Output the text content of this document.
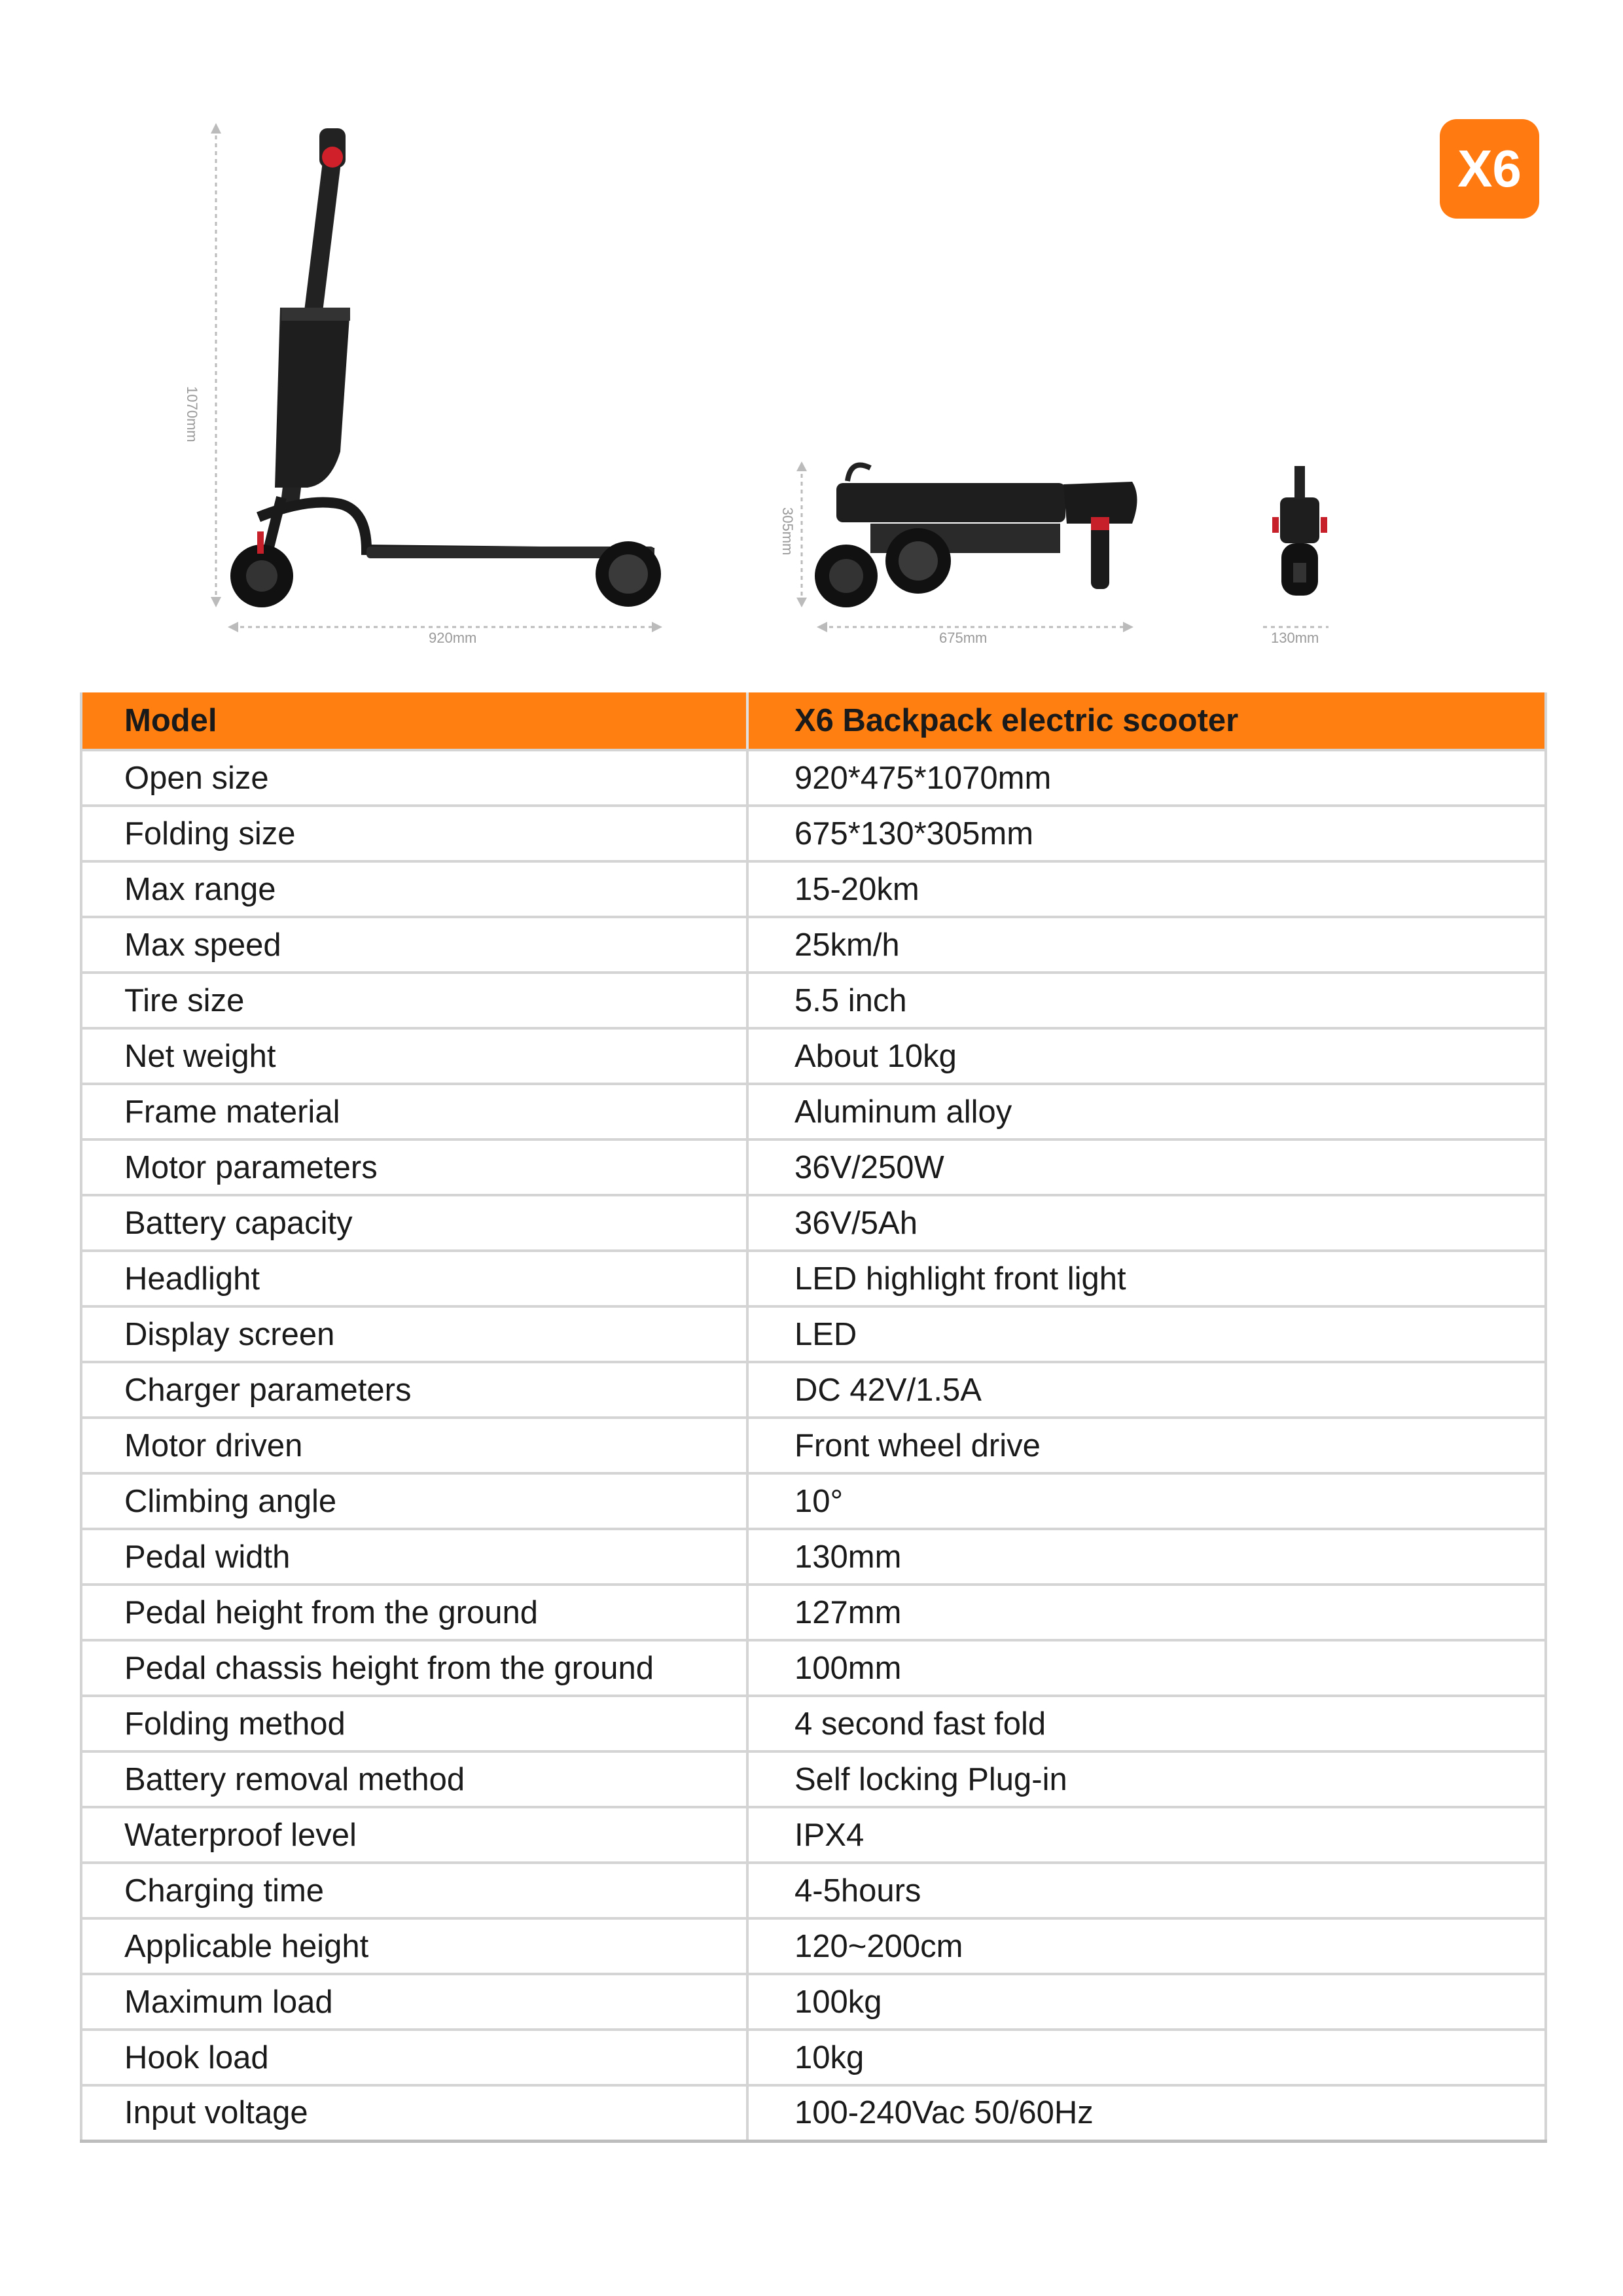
X6
920mm
1070mm
675mm
305mm
130mm
Model	X6 Backpack electric scooter
Open size	920*475*1070mm
Folding size	675*130*305mm
Max range	15-20km
Max speed	25km/h
Tire size	5.5 inch
Net weight	About 10kg
Frame material	Aluminum alloy
Motor parameters	36V/250W
Battery capacity	36V/5Ah
Headlight	LED highlight front light
Display screen	LED
Charger parameters	DC 42V/1.5A
Motor driven	Front wheel drive
Climbing angle	10°
Pedal width	130mm
Pedal height from the ground	127mm
Pedal chassis height from the ground	100mm
Folding method	4 second fast fold
Battery removal method	Self locking Plug-in
Waterproof level	IPX4
Charging time	4-5hours
Applicable height	120~200cm
Maximum load	100kg
Hook load	10kg
Input voltage	100-240Vac 50/60Hz
